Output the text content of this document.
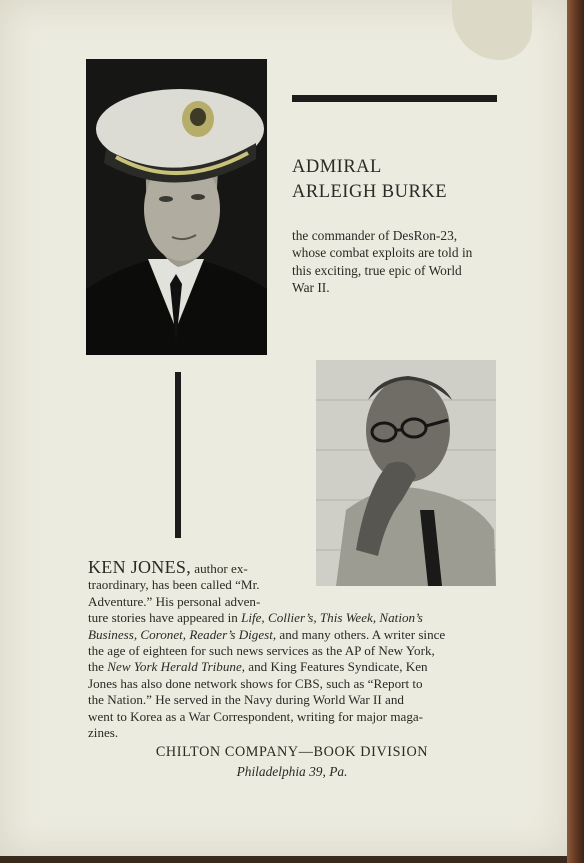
ADMIRAL
ARLEIGH BURKE
the commander of DesRon-23,
whose combat exploits are told in
this exciting, true epic of World
War II.
KEN JONES, author ex-
traordinary, has been called “Mr.
Adventure.” His personal adven-
ture stories have appeared in Life, Collier’s, This Week, Nation’s
Business, Coronet, Reader’s Digest, and many others. A writer since
the age of eighteen for such news services as the AP of New York,
the New York Herald Tribune, and King Features Syndicate, Ken
Jones has also done network shows for CBS, such as “Report to
the Nation.” He served in the Navy during World War II and
went to Korea as a War Correspondent, writing for major maga-
zines.
CHILTON COMPANY—BOOK DIVISION
Philadelphia 39, Pa.
